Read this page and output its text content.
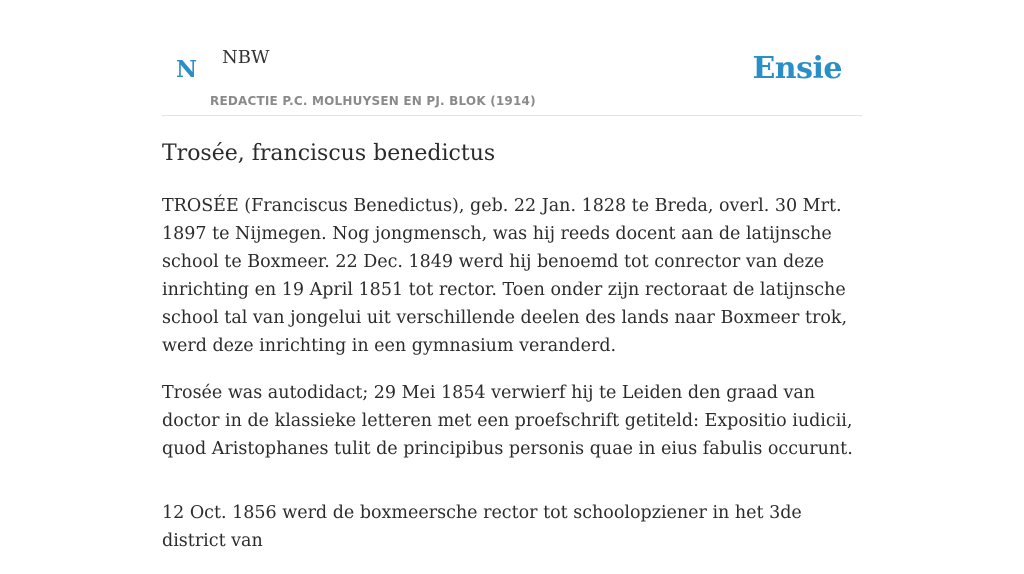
N NBW	Ensie
REDACTIE P.C. MOLHUYSEN EN PJ. BLOK (1914)
Trosée, franciscus benedictus

TROSÉE (Franciscus Benedictus), geb. 22 Jan. 1828 te Breda, overl. 30 Mrt. 1897 te Nijmegen. Nog jongmensch, was hij reeds docent aan de latijnsche school te Boxmeer. 22 Dec. 1849 werd hij benoemd tot conrector van deze inrichting en 19 April 1851 tot rector. Toen onder zijn rectoraat de latijnsche school tal van jongelui uit verschillende deelen des lands naar Boxmeer trok, werd deze inrichting in een gymnasium veranderd.

Trosée was autodidact; 29 Mei 1854 verwierf hij te Leiden den graad van doctor in de klassieke letteren met een proefschrift getiteld: Expositio iudicii, quod Aristophanes tulit de principibus personis quae in eius fabulis occurunt.

12 Oct. 1856 werd de boxmeersche rector tot schoolopziener in het 3de district van
